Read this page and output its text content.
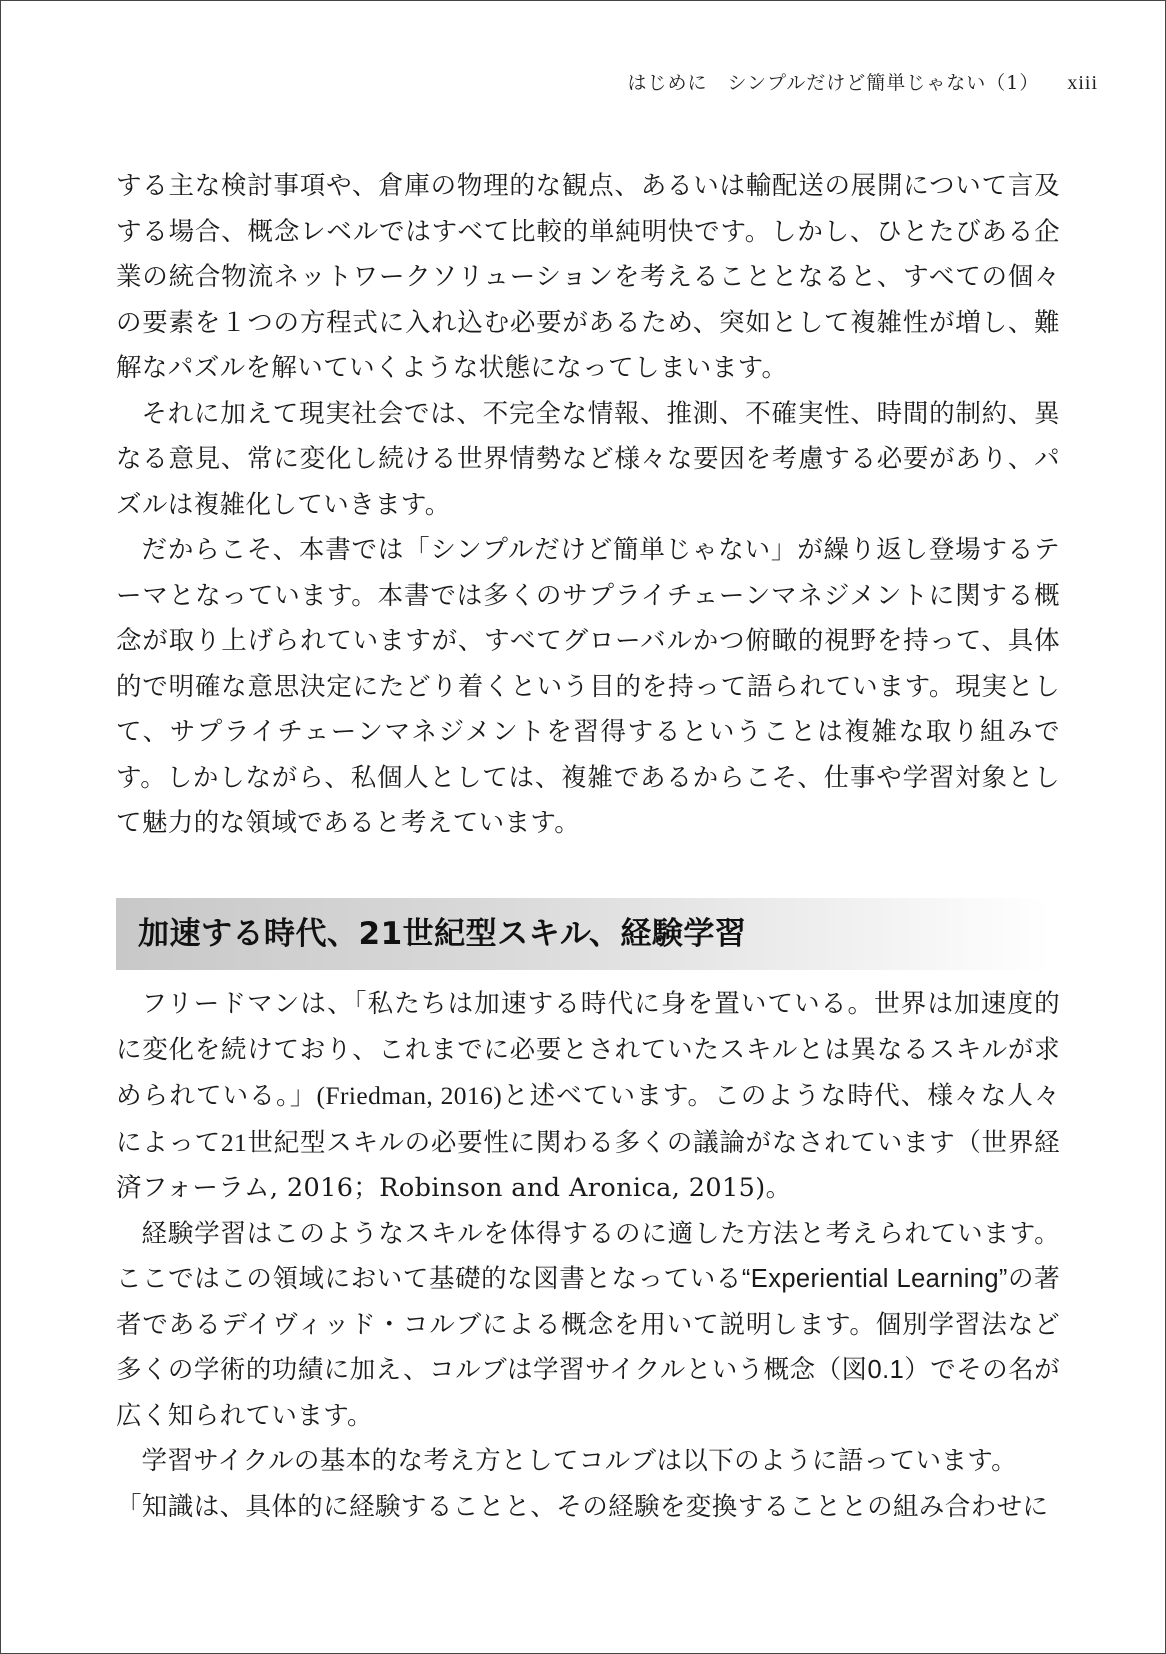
はじめに　シンプルだけど簡単じゃない（1） xiii

する主な検討事項や、倉庫の物理的な観点、あるいは輸配送の展開について言及する場合、概念レベルではすべて比較的単純明快です。しかし、ひとたびある企業の統合物流ネットワークソリューションを考えることとなると、すべての個々の要素を１つの方程式に入れ込む必要があるため、突如として複雑性が増し、難解なパズルを解いていくような状態になってしまいます。

それに加えて現実社会では、不完全な情報、推測、不確実性、時間的制約、異なる意見、常に変化し続ける世界情勢など様々な要因を考慮する必要があり、パズルは複雑化していきます。

だからこそ、本書では「シンプルだけど簡単じゃない」が繰り返し登場するテーマとなっています。本書では多くのサプライチェーンマネジメントに関する概念が取り上げられていますが、すべてグローバルかつ俯瞰的視野を持って、具体的で明確な意思決定にたどり着くという目的を持って語られています。現実として、サプライチェーンマネジメントを習得するということは複雑な取り組みです。しかしながら、私個人としては、複雑であるからこそ、仕事や学習対象として魅力的な領域であると考えています。

加速する時代、21世紀型スキル、経験学習

フリードマンは、「私たちは加速する時代に身を置いている。世界は加速度的に変化を続けており、これまでに必要とされていたスキルとは異なるスキルが求められている。」(Friedman, 2016)と述べています。このような時代、様々な人々によって21世紀型スキルの必要性に関わる多くの議論がなされています（世界経済フォーラム, 2016；Robinson and Aronica, 2015)。

経験学習はこのようなスキルを体得するのに適した方法と考えられています。ここではこの領域において基礎的な図書となっている“Experiential Learning”の著者であるデイヴィッド・コルブによる概念を用いて説明します。個別学習法など多くの学術的功績に加え、コルブは学習サイクルという概念（図0.1）でその名が広く知られています。

学習サイクルの基本的な考え方としてコルブは以下のように語っています。

「知識は、具体的に経験することと、その経験を変換することとの組み合わせに
